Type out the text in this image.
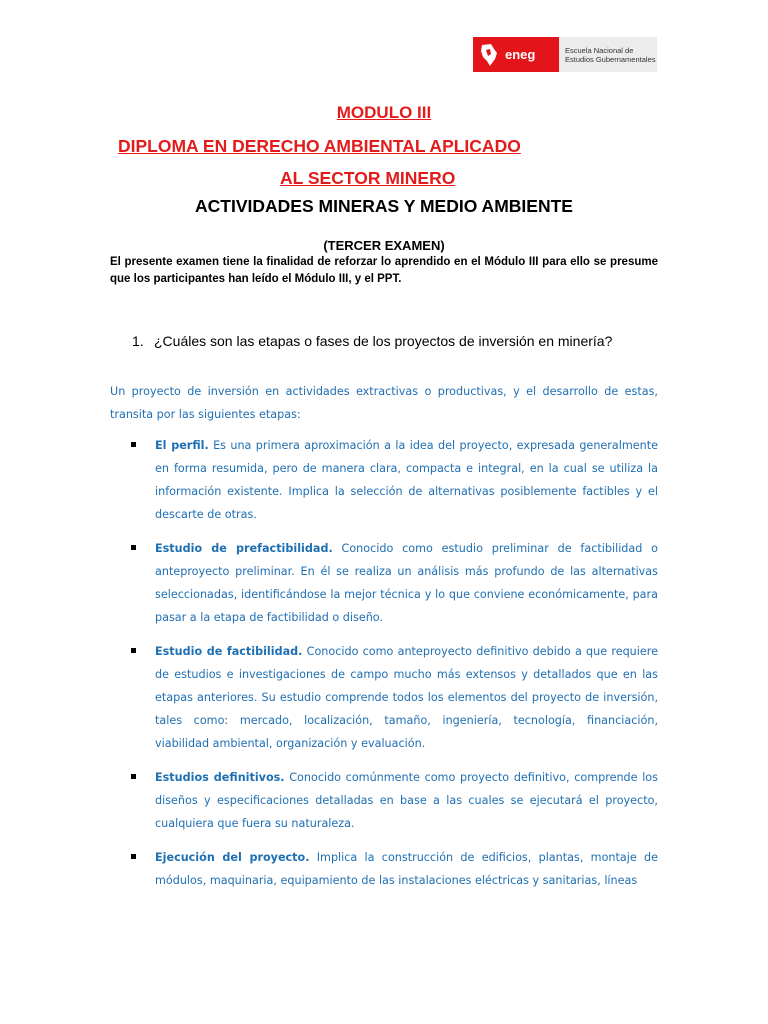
eneg	Escuela Nacional de
Estudios Gubernamentales
MODULO III
DIPLOMA EN DERECHO AMBIENTAL APLICADO
AL SECTOR MINERO
ACTIVIDADES MINERAS Y MEDIO AMBIENTE
(TERCER EXAMEN)
El presente examen tiene la finalidad de reforzar lo aprendido en el Módulo III para ello se presume que los participantes han leído el Módulo III, y el PPT.
1. ¿Cuáles son las etapas o fases de los proyectos de inversión en minería?
Un proyecto de inversión en actividades extractivas o productivas, y el desarrollo de estas, transita por las siguientes etapas:
El perfil. Es una primera aproximación a la idea del proyecto, expresada generalmente en forma resumida, pero de manera clara, compacta e integral, en la cual se utiliza la información existente. Implica la selección de alternativas posiblemente factibles y el descarte de otras.
Estudio de prefactibilidad. Conocido como estudio preliminar de factibilidad o anteproyecto preliminar. En él se realiza un análisis más profundo de las alternativas seleccionadas, identificándose la mejor técnica y lo que conviene económicamente, para pasar a la etapa de factibilidad o diseño.
Estudio de factibilidad. Conocido como anteproyecto definitivo debido a que requiere de estudios e investigaciones de campo mucho más extensos y detallados que en las etapas anteriores. Su estudio comprende todos los elementos del proyecto de inversión, tales como: mercado, localización, tamaño, ingeniería, tecnología, financiación, viabilidad ambiental, organización y evaluación.
Estudios definitivos. Conocido comúnmente como proyecto definitivo, comprende los diseños y especificaciones detalladas en base a las cuales se ejecutará el proyecto, cualquiera que fuera su naturaleza.
Ejecución del proyecto. Implica la construcción de edificios, plantas, montaje de módulos, maquinaria, equipamiento de las instalaciones eléctricas y sanitarias, líneas
